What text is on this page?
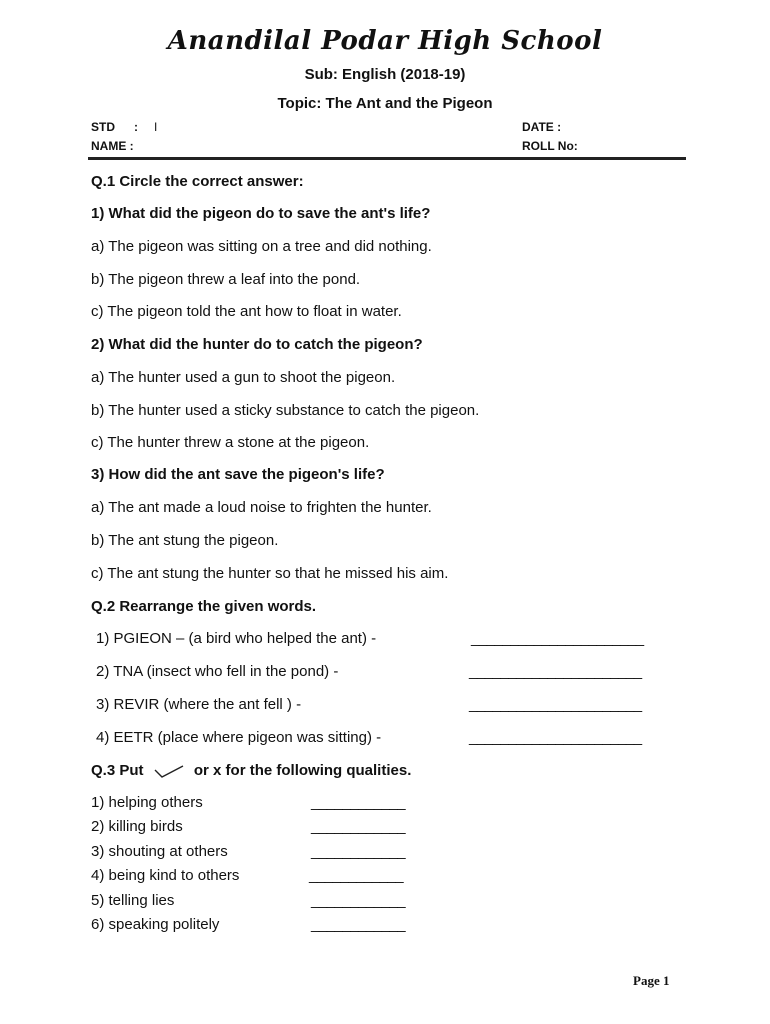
Anandilal Podar High School
Sub: English (2018-19)
Topic: The Ant and the Pigeon
STD : I	DATE :
NAME :	ROLL No:
Q.1 Circle the correct answer:
1) What did the pigeon do to save the ant's life?
a) The pigeon was sitting on a tree and did nothing.
b) The pigeon threw a leaf into the pond.
c) The pigeon told the ant how to float in water.
2) What did the hunter do to catch the pigeon?
a) The hunter used a gun to shoot the pigeon.
b) The hunter used a sticky substance to catch the pigeon.
c) The hunter threw a stone at the pigeon.
3) How did the ant save the pigeon's life?
a) The ant made a loud noise to frighten the hunter.
b) The ant stung the pigeon.
c) The ant stung the hunter so that he missed his aim.
Q.2 Rearrange the given words.
1) PGIEON – (a bird who helped the ant) -	______________________
2) TNA (insect who fell in the pond) -	______________________
3) REVIR (where the ant fell ) -	______________________
4) EETR (place where pigeon was sitting) -	______________________
Q.3 Put	or x for the following qualities.
1) helping others	____________
2) killing birds	____________
3) shouting at others	____________
4) being kind to others	____________
5) telling lies	____________
6) speaking politely	____________
Page 1
